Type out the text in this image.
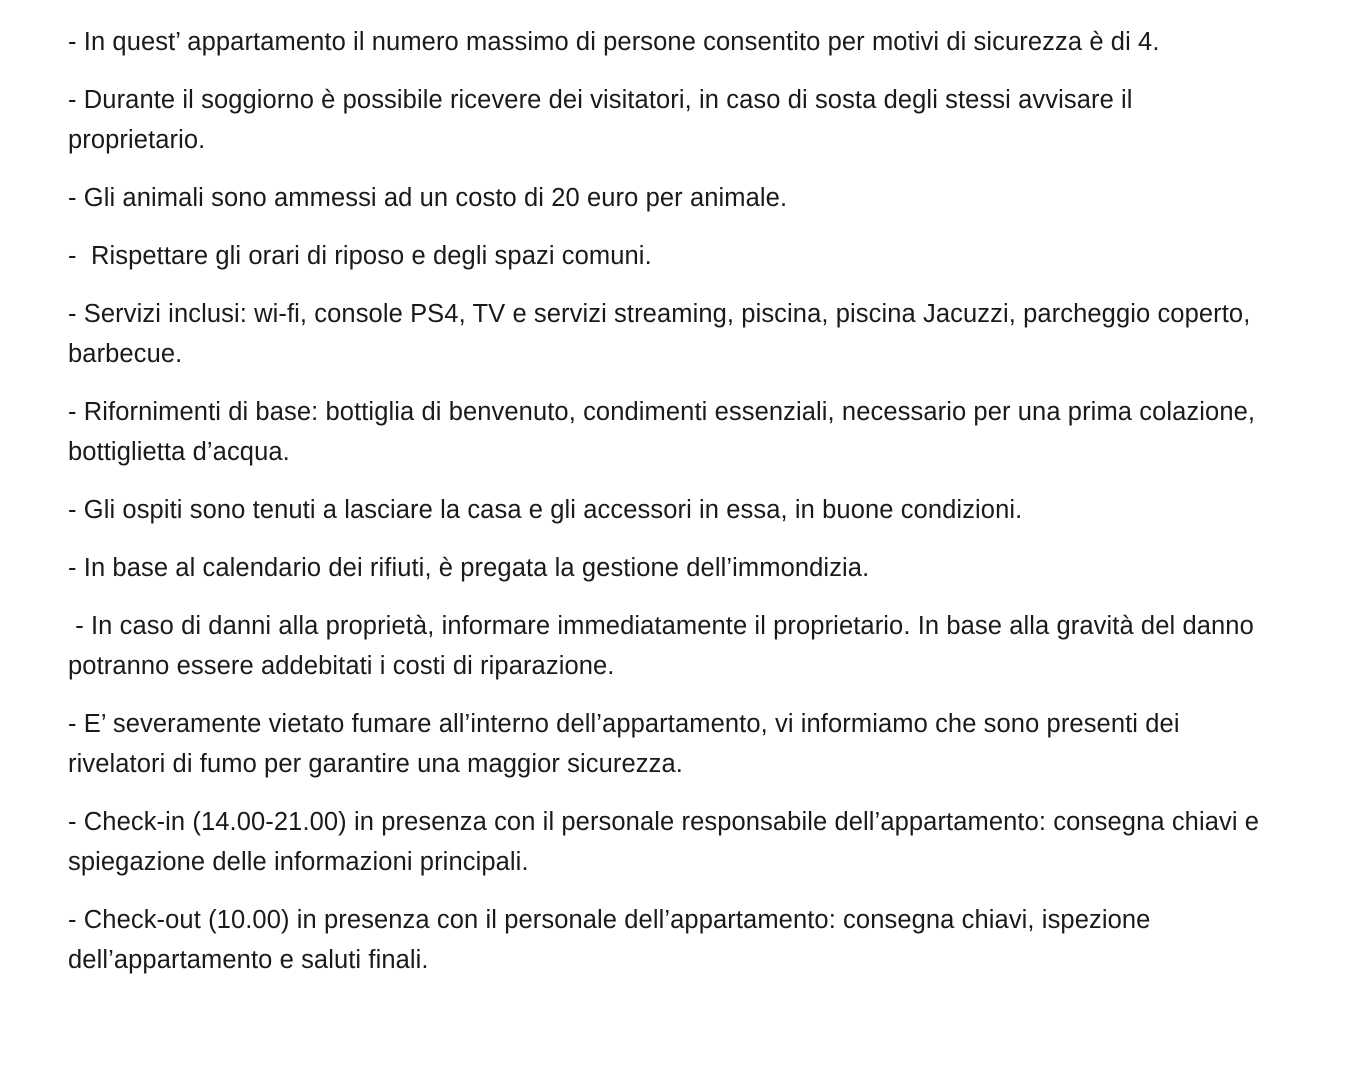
- In quest’ appartamento il numero massimo di persone consentito per motivi di sicurezza è di 4.

- Durante il soggiorno è possibile ricevere dei visitatori, in caso di sosta degli stessi avvisare il proprietario.

- Gli animali sono ammessi ad un costo di 20 euro per animale.

-  Rispettare gli orari di riposo e degli spazi comuni.

- Servizi inclusi: wi-fi, console PS4, TV e servizi streaming, piscina, piscina Jacuzzi, parcheggio coperto, barbecue.

- Rifornimenti di base: bottiglia di benvenuto, condimenti essenziali, necessario per una prima colazione, bottiglietta d’acqua.

- Gli ospiti sono tenuti a lasciare la casa e gli accessori in essa, in buone condizioni.

- In base al calendario dei rifiuti, è pregata la gestione dell’immondizia.

- In caso di danni alla proprietà, informare immediatamente il proprietario. In base alla gravità del danno potranno essere addebitati i costi di riparazione.

- E’ severamente vietato fumare all’interno dell’appartamento, vi informiamo che sono presenti dei rivelatori di fumo per garantire una maggior sicurezza.

- Check-in (14.00-21.00) in presenza con il personale responsabile dell’appartamento: consegna chiavi e spiegazione delle informazioni principali.

- Check-out (10.00) in presenza con il personale dell’appartamento: consegna chiavi, ispezione dell’appartamento e saluti finali.
